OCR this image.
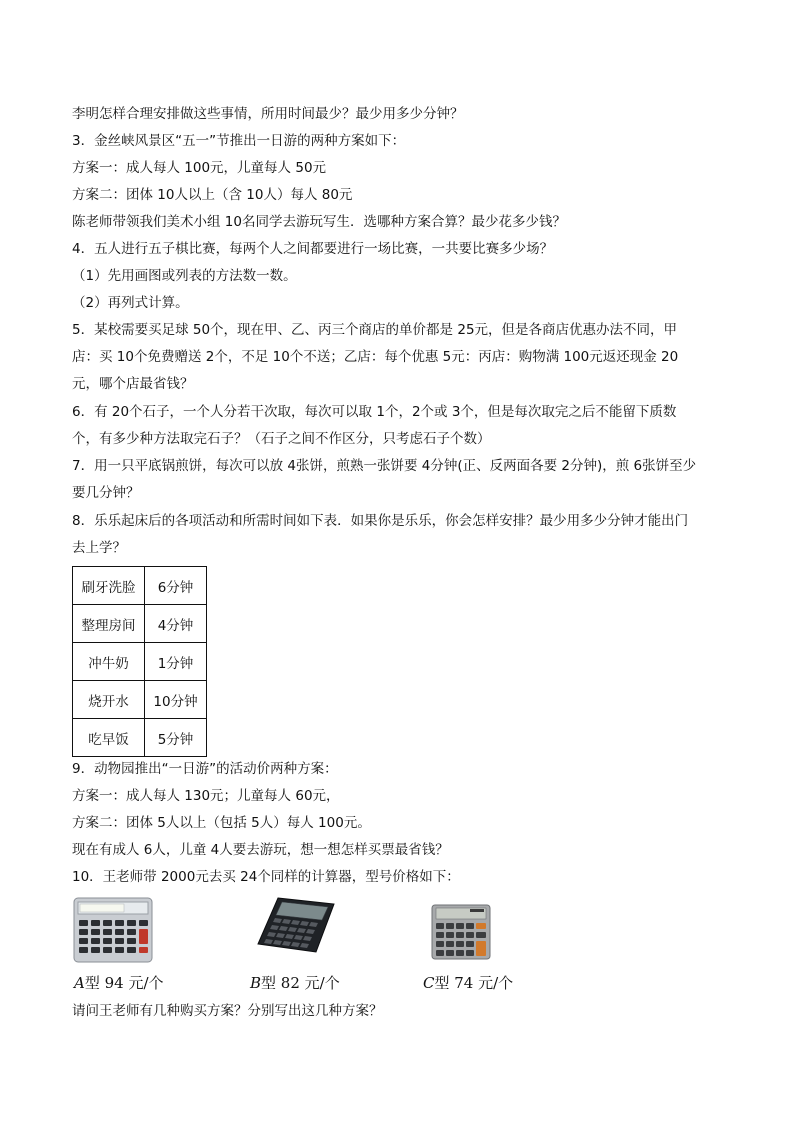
李明怎样合理安排做这些事情，所用时间最少？最少用多少分钟？
3．金丝峡风景区“五一”节推出一日游的两种方案如下：
方案一：成人每人 100元，儿童每人 50元
方案二：团体 10人以上（含 10人）每人 80元
陈老师带领我们美术小组 10名同学去游玩写生．选哪种方案合算？最少花多少钱？
4．五人进行五子棋比赛，每两个人之间都要进行一场比赛，一共要比赛多少场？
（1）先用画图或列表的方法数一数。
（2）再列式计算。
5．某校需要买足球 50个，现在甲、乙、丙三个商店的单价都是 25元，但是各商店优惠办法不同，甲
店：买 10个免费赠送 2个，不足 10个不送；乙店：每个优惠 5元：丙店：购物满 100元返还现金 20
元，哪个店最省钱？
6．有 20个石子，一个人分若干次取，每次可以取 1个，2个或 3个，但是每次取完之后不能留下质数
个，有多少种方法取完石子？（石子之间不作区分，只考虑石子个数）
7．用一只平底锅煎饼，每次可以放 4张饼，煎熟一张饼要 4分钟(正、反两面各要 2分钟)，煎 6张饼至少
要几分钟？
8．乐乐起床后的各项活动和所需时间如下表．如果你是乐乐，你会怎样安排？最少用多少分钟才能出门
去上学？
刷牙洗脸	6分钟
整理房间	4分钟
冲牛奶	1分钟
烧开水	10分钟
吃早饭	5分钟
9．动物园推出“一日游”的活动价两种方案：
方案一：成人每人 130元；儿童每人 60元，
方案二：团体 5人以上（包括 5人）每人 100元。
现在有成人 6人，儿童 4人要去游玩，想一想怎样买票最省钱？
10．王老师带 2000元去买 24个同样的计算器，型号价格如下：
A型 94 元/个	B型 82 元/个	C型 74 元/个
请问王老师有几种购买方案？分别写出这几种方案？
